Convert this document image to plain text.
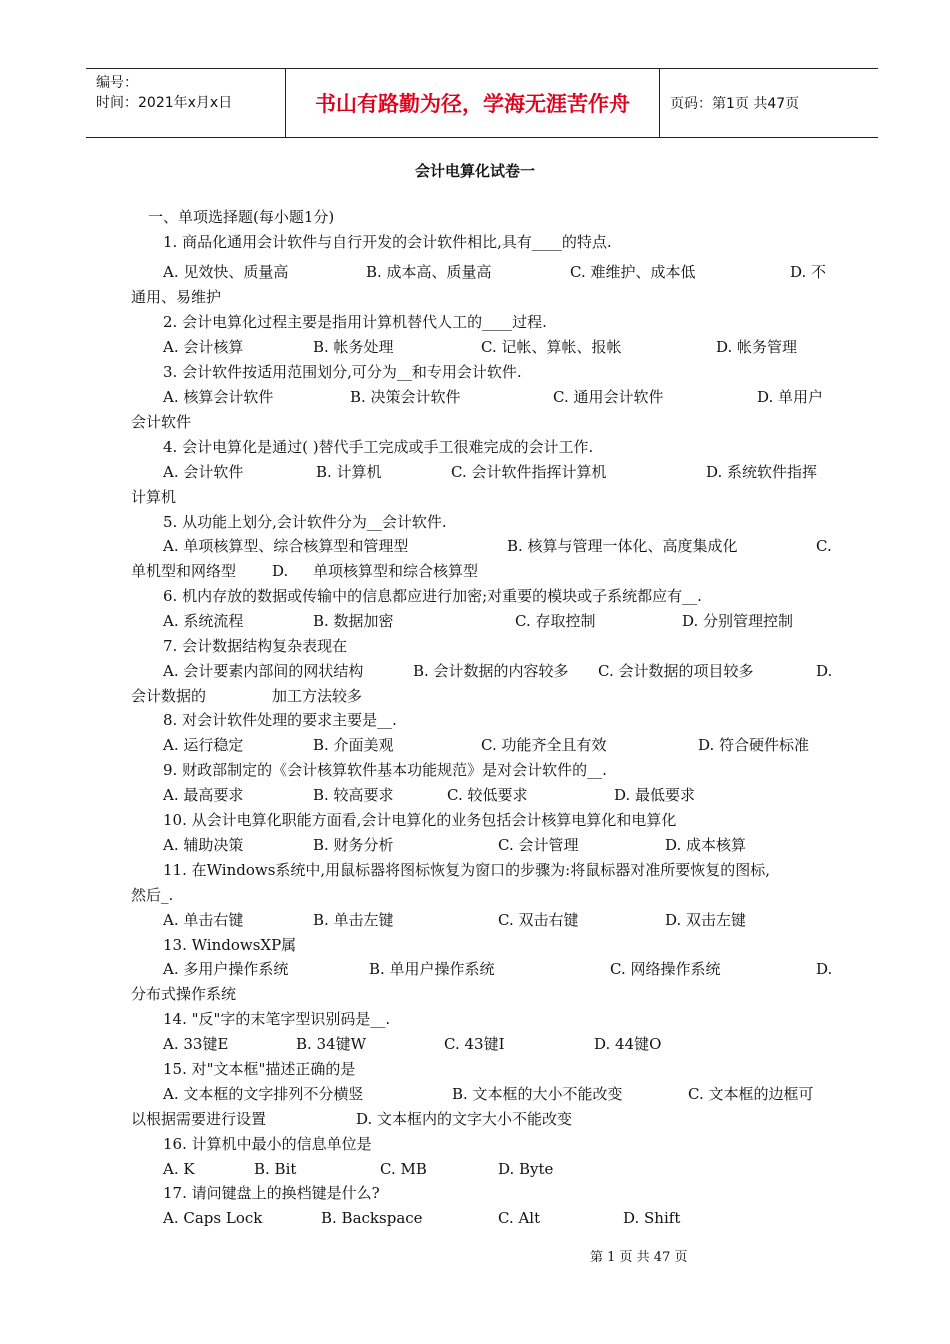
编号：
时间：2021年x月x日	书山有路勤为径，学海无涯苦作舟	页码：第1页 共47页
会计电算化试卷一
一、单项选择题(每小题1分)
1. 商品化通用会计软件与自行开发的会计软件相比,具有____的特点.
A. 见效快、质量高	B. 成本高、质量高	C. 难维护、成本低	D. 不
通用、易维护
2. 会计电算化过程主要是指用计算机替代人工的____过程.
A. 会计核算	B. 帐务处理	C. 记帐、算帐、报帐	D. 帐务管理
3. 会计软件按适用范围划分,可分为__和专用会计软件.
A. 核算会计软件	B. 决策会计软件	C. 通用会计软件	D. 单用户
会计软件
4. 会计电算化是通过( )替代手工完成或手工很难完成的会计工作.
A. 会计软件	B. 计算机	C. 会计软件指挥计算机	D. 系统软件指挥
计算机
5. 从功能上划分,会计软件分为__会计软件.
A. 单项核算型、综合核算型和管理型	B. 核算与管理一体化、高度集成化	C.
单机型和网络型 D. 单项核算型和综合核算型
6. 机内存放的数据或传输中的信息都应进行加密;对重要的模块或子系统都应有__.
A. 系统流程	B. 数据加密	C. 存取控制	D. 分别管理控制
7. 会计数据结构复杂表现在
A. 会计要素内部间的网状结构	B. 会计数据的内容较多 C. 会计数据的项目较多	D.
会计数据的	加工方法较多
8. 对会计软件处理的要求主要是__.
A. 运行稳定	B. 介面美观	C. 功能齐全且有效	D. 符合硬件标准
9. 财政部制定的《会计核算软件基本功能规范》是对会计软件的__.
A. 最高要求	B. 较高要求	C. 较低要求	D. 最低要求
10. 从会计电算化职能方面看,会计电算化的业务包括会计核算电算化和电算化
A. 辅助决策	B. 财务分析	C. 会计管理	D. 成本核算
11. 在Windows系统中,用鼠标器将图标恢复为窗口的步骤为:将鼠标器对准所要恢复的图标,
然后_.
A. 单击右键	B. 单击左键	C. 双击右键	D. 双击左键
13. WindowsXP属
A. 多用户操作系统	B. 单用户操作系统	C. 网络操作系统	D.
分布式操作系统
14. "反"字的末笔字型识别码是__.
A. 33键E	B. 34键W	C. 43键I	D. 44键O
15. 对"文本框"描述正确的是
A. 文本框的文字排列不分横竖	B. 文本框的大小不能改变	C. 文本框的边框可
以根据需要进行设置	D. 文本框内的文字大小不能改变
16. 计算机中最小的信息单位是
A. K	B. Bit	C. MB	D. Byte
17. 请问键盘上的换档键是什么?
A. Caps Lock	B. Backspace	C. Alt	D. Shift
第 1 页 共 47 页
